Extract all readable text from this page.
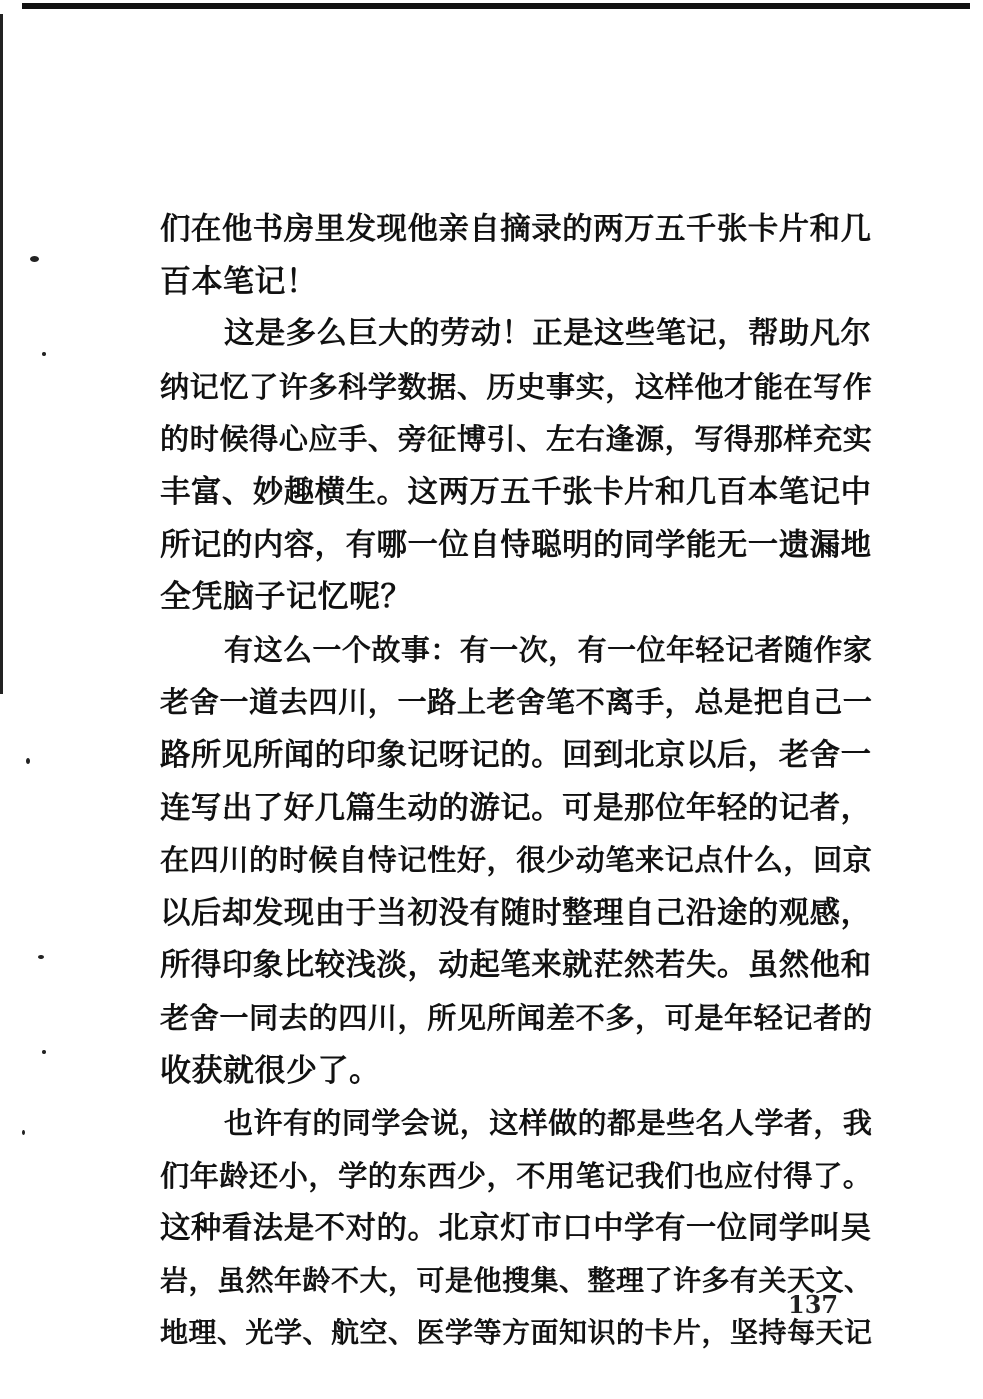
们在他书房里发现他亲自摘录的两万五千张卡片和几
百本笔记！
这是多么巨大的劳动！正是这些笔记，帮助凡尔
纳记忆了许多科学数据、历史事实，这样他才能在写作
的时候得心应手、旁征博引、左右逢源，写得那样充实
丰富、妙趣横生。这两万五千张卡片和几百本笔记中
所记的内容，有哪一位自恃聪明的同学能无一遗漏地
全凭脑子记忆呢？
有这么一个故事：有一次，有一位年轻记者随作家
老舍一道去四川，一路上老舍笔不离手，总是把自己一
路所见所闻的印象记呀记的。回到北京以后，老舍一
连写出了好几篇生动的游记。可是那位年轻的记者，
在四川的时候自恃记性好，很少动笔来记点什么，回京
以后却发现由于当初没有随时整理自己沿途的观感，
所得印象比较浅淡，动起笔来就茫然若失。虽然他和
老舍一同去的四川，所见所闻差不多，可是年轻记者的
收获就很少了。
也许有的同学会说，这样做的都是些名人学者，我
们年龄还小，学的东西少，不用笔记我们也应付得了。
这种看法是不对的。北京灯市口中学有一位同学叫吴
岩，虽然年龄不大，可是他搜集、整理了许多有关天文、
地理、光学、航空、医学等方面知识的卡片，坚持每天记
137
